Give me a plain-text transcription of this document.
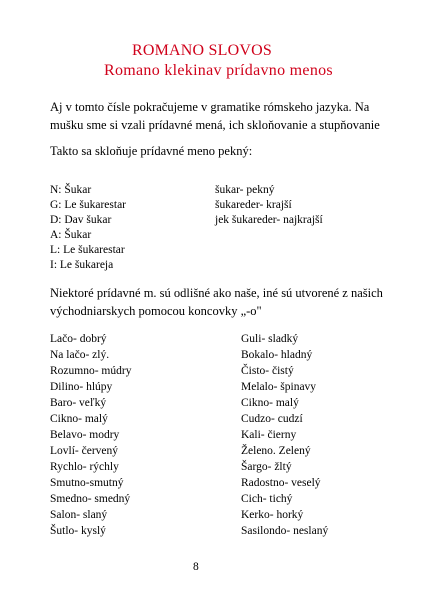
ROMANO SLOVOS
Romano klekinav prídavno menos
Aj v tomto čísle pokračujeme v gramatike rómskeho jazyka. Na
mušku sme si vzali prídavné mená, ich skloňovanie a stupňovanie
Takto sa skloňuje prídavné meno pekný:
N: Šukar	šukar- pekný
G: Le šukarestar	šukareder- krajší
D: Dav šukar	jek šukareder- najkrajší
A: Šukar
L: Le šukarestar
I: Le šukareja
Niektoré prídavné m. sú odlišné ako naše, iné sú utvorené z našich
východniarskych pomocou koncovky „-o"
Lačo- dobrý	Guli- sladký
Na lačo- zlý.	Bokalo- hladný
Rozumno- múdry	Čisto- čistý
Dilino- hlúpy	Melalo- špinavy
Baro- veľký	Cikno- malý
Cikno- malý	Cudzo- cudzí
Belavo- modry	Kali- čierny
Lovlí- červený	Želeno. Zelený
Rychlo- rýchly	Šargo- žltý
Smutno-smutný	Radostno- veselý
Smedno- smedný	Cich- tichý
Salon- slaný	Kerko- horký
Šutlo- kyslý	Sasilondo- neslaný
8
